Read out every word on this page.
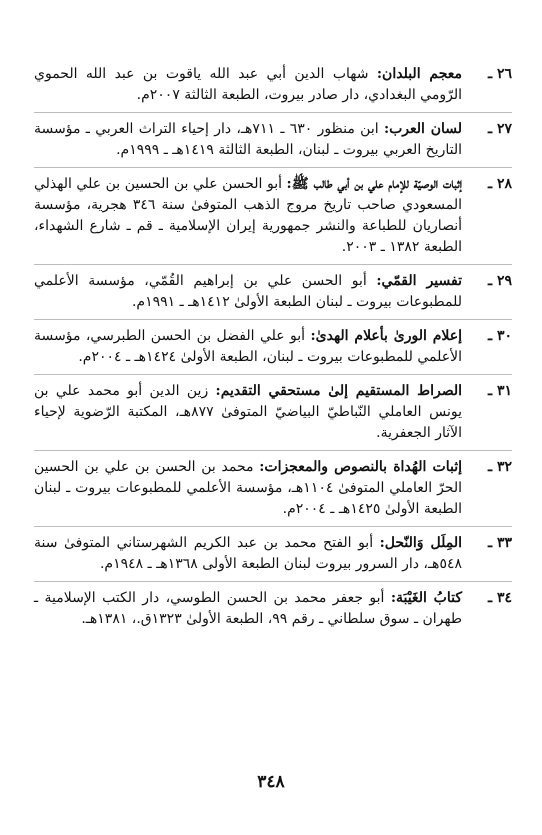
٢٦ ـ
معجم البلدان: شهاب الدين أبي عبد الله ياقوت بن عبد الله الحموي الرّومي البغدادي، دار صادر بيروت، الطبعة الثالثة ٢٠٠٧م.
٢٧ ـ
لسان العرب: ابن منظور ٦٣٠ ـ ٧١١هـ، دار إحياء التراث العربي ـ مؤسسة التاريخ العربي بيروت ـ لبنان، الطبعة الثالثة ١٤١٩هـ ـ ١٩٩٩م.
٢٨ ـ
إثبات الوصيّة للإمام علي بن أبي طالب ﷺ: أبو الحسن علي بن الحسين بن علي الهذلي المسعودي صاحب تاريخ مروج الذهب المتوفىٰ سنة ٣٤٦ هجرية، مؤسسة أنصاريان للطباعة والنشر جمهورية إيران الإسلامية ـ قم ـ شارع الشهداء، الطبعة ١٣٨٢ ـ ٢٠٠٣.
٢٩ ـ
تفسير القمّي: أبو الحسن علي بن إبراهيم القُمّي، مؤسسة الأعلمي للمطبوعات بيروت ـ لبنان الطبعة الأولىٰ ١٤١٢هـ ـ ١٩٩١م.
٣٠ ـ
إعلام الورىٰ بأعلام الهدىٰ: أبو علي الفضل بن الحسن الطبرسي، مؤسسة الأعلمي للمطبوعات بيروت ـ لبنان، الطبعة الأولىٰ ١٤٢٤هـ ـ ٢٠٠٤م.
٣١ ـ
الصراط المستقيم إلىٰ مستحقي التقديم: زين الدين أبو محمد علي بن يونس العاملي النّباطيّ البياضيّ المتوفىٰ ٨٧٧هـ، المكتبة الرّضوية لإحياء الآثار الجعفرية.
٣٢ ـ
إثبات الهُداة بالنصوص والمعجزات: محمد بن الحسن بن علي بن الحسين الحرّ العاملي المتوفىٰ ١١٠٤هـ، مؤسسة الأعلمي للمطبوعات بيروت ـ لبنان الطبعة الأولىٰ ١٤٢٥هـ ـ ٢٠٠٤م.
٣٣ ـ
المِلَل وَالنّحل: أبو الفتح محمد بن عبد الكريم الشهرستاني المتوفىٰ سنة ٥٤٨هـ، دار السرور بيروت لبنان الطبعة الأولى ١٣٦٨هـ ـ ١٩٤٨م.
٣٤ ـ
كتابُ الغَيْبَة: أبو جعفر محمد بن الحسن الطوسي، دار الكتب الإسلامية ـ طهران ـ سوق سلطاني ـ رقم ٩٩، الطبعة الأولىٰ ١٣٢٣ق.، ١٣٨١هـ.
٣٤٨
